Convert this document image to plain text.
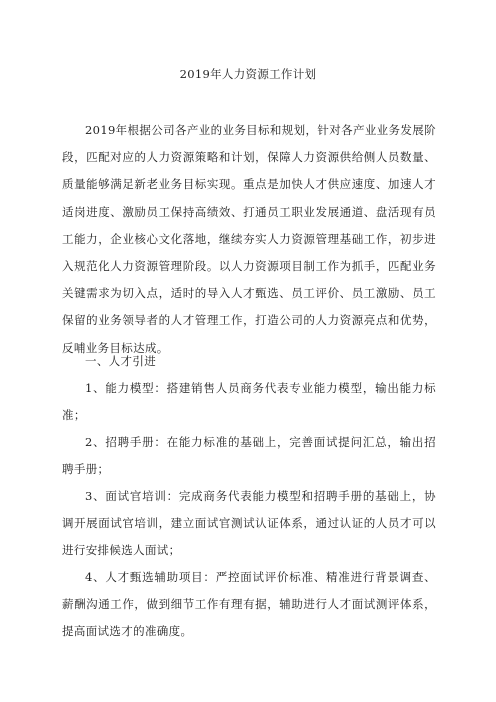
2019年人力资源工作计划

2019年根据公司各产业的业务目标和规划，针对各产业业务发展阶段，匹配对应的人力资源策略和计划，保障人力资源供给侧人员数量、质量能够满足新老业务目标实现。重点是加快人才供应速度、加速人才适岗进度、激励员工保持高绩效、打通员工职业发展通道、盘活现有员工能力，企业核心文化落地，继续夯实人力资源管理基础工作，初步进入规范化人力资源管理阶段。以人力资源项目制工作为抓手，匹配业务关键需求为切入点，适时的导入人才甄选、员工评价、员工激励、员工保留的业务领导者的人才管理工作，打造公司的人力资源亮点和优势，反哺业务目标达成。

一、人才引进

1、能力模型：搭建销售人员商务代表专业能力模型，输出能力标准；

2、招聘手册：在能力标准的基础上，完善面试提问汇总，输出招聘手册；

3、面试官培训：完成商务代表能力模型和招聘手册的基础上，协调开展面试官培训，建立面试官测试认证体系，通过认证的人员才可以进行安排候选人面试；

4、人才甄选辅助项目：严控面试评价标准、精准进行背景调查、薪酬沟通工作，做到细节工作有理有据，辅助进行人才面试测评体系，提高面试选才的准确度。
